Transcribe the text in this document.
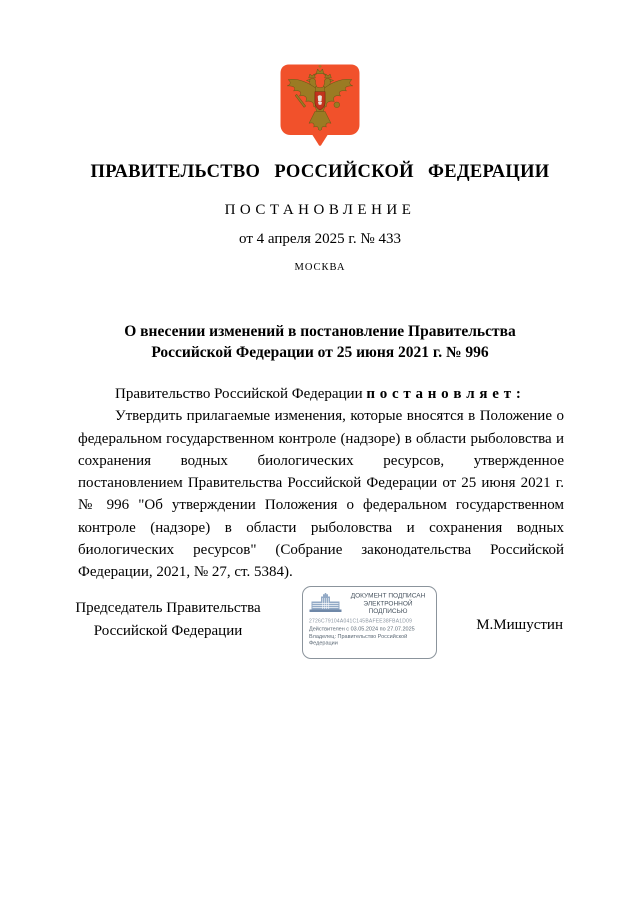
ПРАВИТЕЛЬСТВО РОССИЙСКОЙ ФЕДЕРАЦИИ
ПОСТАНОВЛЕНИЕ
от 4 апреля 2025 г. № 433
МОСКВА
О внесении изменений в постановление Правительства
Российской Федерации от 25 июня 2021 г. № 996

Правительство Российской Федерации п о с т а н о в л я е т :

Утвердить прилагаемые изменения, которые вносятся в Положение о федеральном государственном контроле (надзоре) в области рыболовства и сохранения водных биологических ресурсов, утвержденное постановлением Правительства Российской Федерации от 25 июня 2021 г. № 996 "Об утверждении Положения о федеральном государственном контроле (надзоре) в области рыболовства и сохранения водных биологических ресурсов" (Собрание законодательства Российской Федерации, 2021, № 27, ст. 5384).

Председатель Правительства
Российской Федерации
ДОКУМЕНТ ПОДПИСАН
ЭЛЕКТРОННОЙ ПОДПИСЬЮ
2726C79104A041C145BAFEE38FBA1D09
Действителен с 03.05.2024 по 27.07.2025
Владелец: Правительство Российской Федерации
М.Мишустин
